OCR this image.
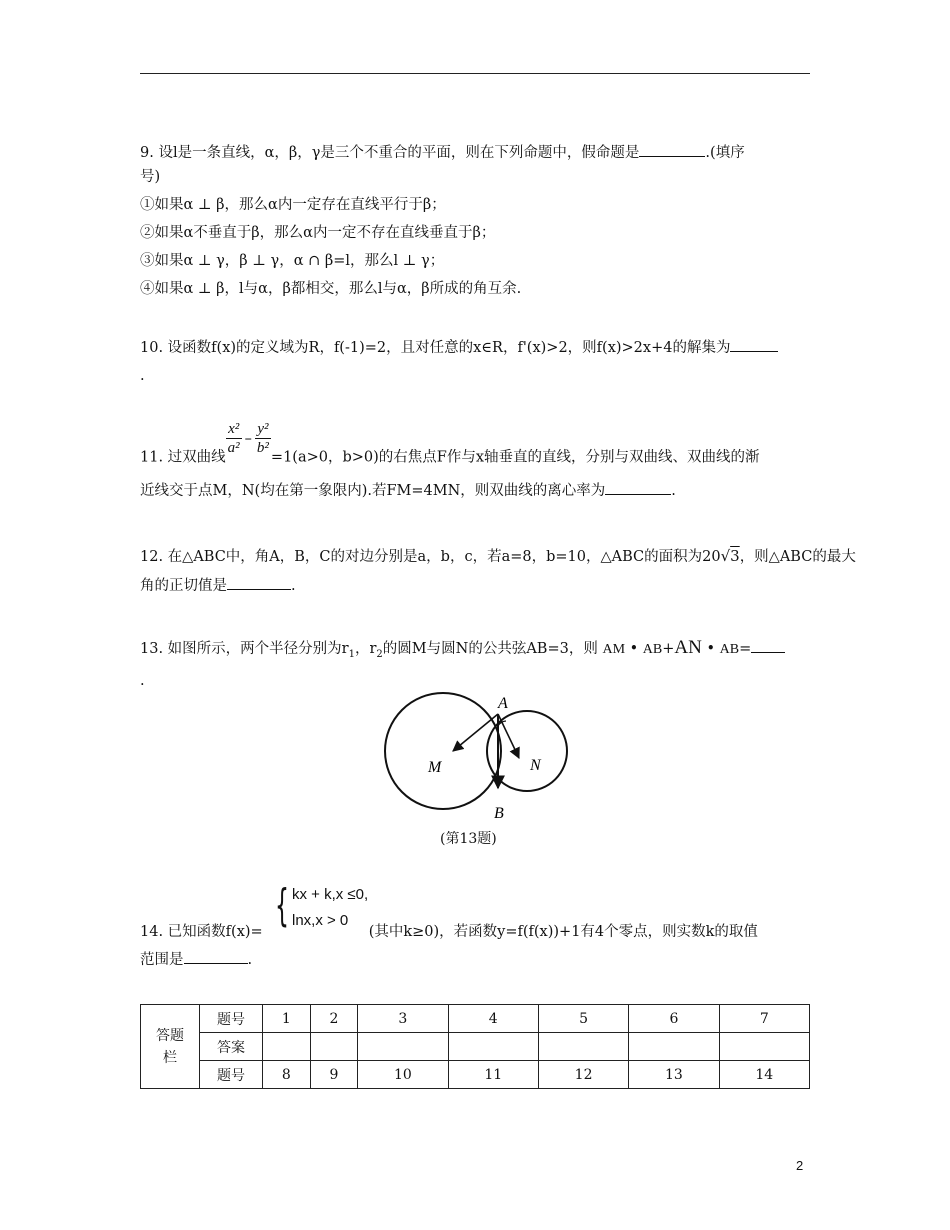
9. 设l是一条直线，α，β，γ是三个不重合的平面，则在下列命题中，假命题是	.(填序
号)
①如果α ⊥ β，那么α内一定存在直线平行于β；
②如果α不垂直于β，那么α内一定不存在直线垂直于β；
③如果α ⊥ γ，β ⊥ γ，α ∩ β=l，那么l ⊥ γ；
④如果α ⊥ β，l与α，β都相交，那么l与α，β所成的角互余.
10. 设函数f(x)的定义域为R，f(-1)=2，且对任意的x∈R，f'(x)>2，则f(x)>2x+4的解集为
.
11. 过双曲线
$\frac{\text{x²}}{\text{a²}} - \frac{\text{y²}}{\text{b²}}$
=1(a>0，b>0)的右焦点F作与x轴垂直的直线，分别与双曲线、双曲线的渐
近线交于点M，N(均在第一象限内).若FM=4MN，则双曲线的离心率为	.
12. 在△ABC中，角A，B，C的对边分别是a，b，c，若a=8，b=10，△ABC的面积为20√3，则△ABC的最大
角的正切值是	.
13. 如图所示，两个半径分别为$r_1$，$r_2$的圆M与圆N的公共弦AB=3，则 AM • AB+AN • AB=
.
A
B
M	N
(第13题)
{ kx + k,x ≤0,
lnx,x > 0
14. 已知函数f(x)=	(其中k≥0)，若函数y=f(f(x))+1有4个零点，则实数k的取值
范围是	.
答题
栏	题号	1	2	3	4	5	6	7
	答案							
	题号	8	9	10	11	12	13	14
2
